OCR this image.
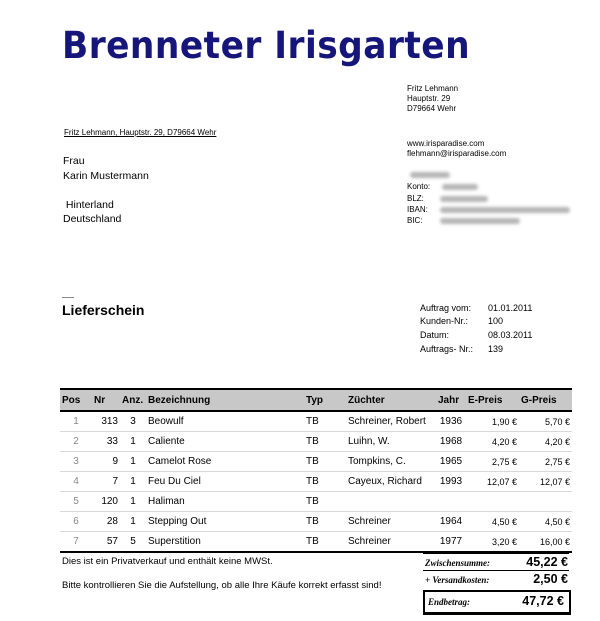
Brenneter Irisgarten
Fritz Lehmann
Hauptstr. 29
D79664 Wehr
www.irisparadise.com
flehmann@irisparadise.com
Konto:
BLZ:
IBAN:
BIC:
Fritz Lehmann, Hauptstr. 29, D79664 Wehr
Frau
Karin Mustermann
Hinterland
Deutschland
Lieferschein	Auftrag vom: 01.01.2011
Kunden-Nr.: 100
Datum:	08.03.2011
Auftrags- Nr.: 139
Pos	Nr	Anz.	Bezeichnung	Typ	Züchter	Jahr	E-Preis	G-Preis
1	313	3	Beowulf	TB	Schreiner, Robert	1936	1,90 €	5,70 €
2	33	1	Caliente	TB	Luihn, W.	1968	4,20 €	4,20 €
3	9	1	Camelot Rose	TB	Tompkins, C.	1965	2,75 €	2,75 €
4	7	1	Feu Du Ciel	TB	Cayeux, Richard	1993	12,07 €	12,07 €
5	120	1	Haliman	TB				
6	28	1	Stepping Out	TB	Schreiner	1964	4,50 €	4,50 €
7	57	5	Superstition	TB	Schreiner	1977	3,20 €	16,00 €
Dies ist ein Privatverkauf und enthält keine MWSt.
Bitte kontrollieren Sie die Aufstellung, ob alle Ihre Käufe korrekt erfasst sind!
Zwischensumme:	45,22 €
+ Versandkosten:	2,50 €
Endbetrag:	47,72 €
